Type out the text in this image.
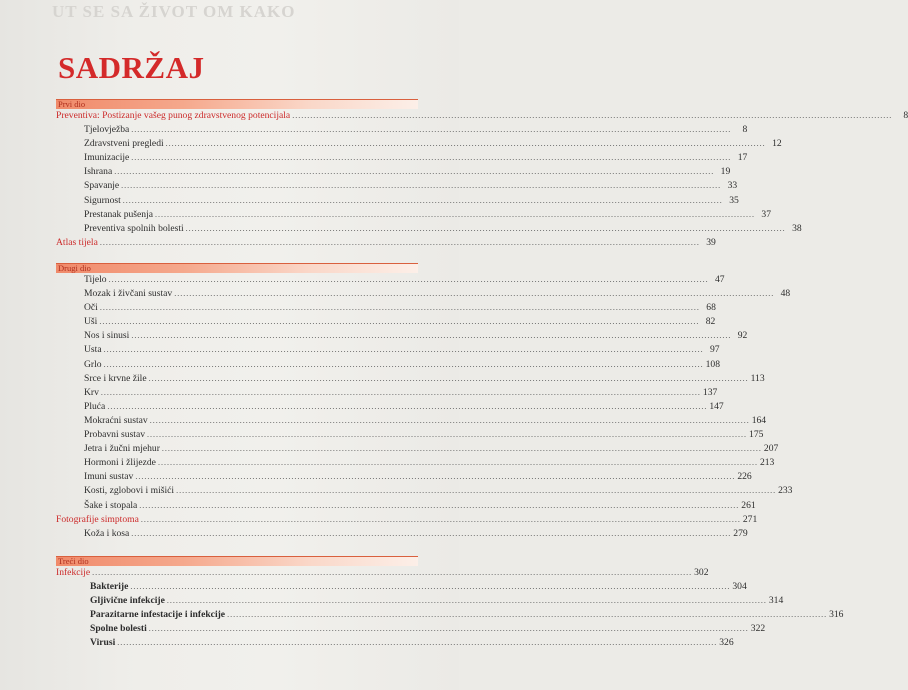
UT SE SA ŽIVOT OM KAKO
SADRŽAJ
Prvi dio
Preventiva: Postizanje vašeg punog zdravstvenog potencijala ........................................................................................................................................................................................................	8
Tjelovježba ........................................................................................................................................................................................................	8
Zdravstveni pregledi ........................................................................................................................................................................................................ 12
Imunizacije ........................................................................................................................................................................................................ 17
Ishrana ........................................................................................................................................................................................................ 19
Spavanje ........................................................................................................................................................................................................ 33
Sigurnost ........................................................................................................................................................................................................ 35
Prestanak pušenja ........................................................................................................................................................................................................ 37
Preventiva spolnih bolesti ........................................................................................................................................................................................................ 38
Atlas tijela ........................................................................................................................................................................................................ 39
Drugi dio
Tijelo ........................................................................................................................................................................................................ 47
Mozak i živčani sustav ........................................................................................................................................................................................................ 48
Oči ........................................................................................................................................................................................................ 68
Uši ........................................................................................................................................................................................................ 82
Nos i sinusi ........................................................................................................................................................................................................ 92
Usta ........................................................................................................................................................................................................ 97
Grlo ........................................................................................................................................................................................................ 108
Srce i krvne žile ........................................................................................................................................................................................................ 113
Krv ........................................................................................................................................................................................................ 137
Pluća ........................................................................................................................................................................................................ 147
Mokraćni sustav ........................................................................................................................................................................................................ 164
Probavni sustav ........................................................................................................................................................................................................ 175
Jetra i žučni mjehur ........................................................................................................................................................................................................ 207
Hormoni i žlijezde ........................................................................................................................................................................................................ 213
Imuni sustav ........................................................................................................................................................................................................ 226
Kosti, zglobovi i mišići ........................................................................................................................................................................................................ 233
Šake i stopala ........................................................................................................................................................................................................ 261
Fotografije simptoma ........................................................................................................................................................................................................ 271
Koža i kosa ........................................................................................................................................................................................................ 279
Treći dio
Infekcije ........................................................................................................................................................................................................ 302
Bakterije ........................................................................................................................................................................................................ 304
Gljivične infekcije ........................................................................................................................................................................................................ 314
Parazitarne infestacije i infekcije ........................................................................................................................................................................................................ 316
Spolne bolesti ........................................................................................................................................................................................................ 322
Virusi ........................................................................................................................................................................................................ 326
